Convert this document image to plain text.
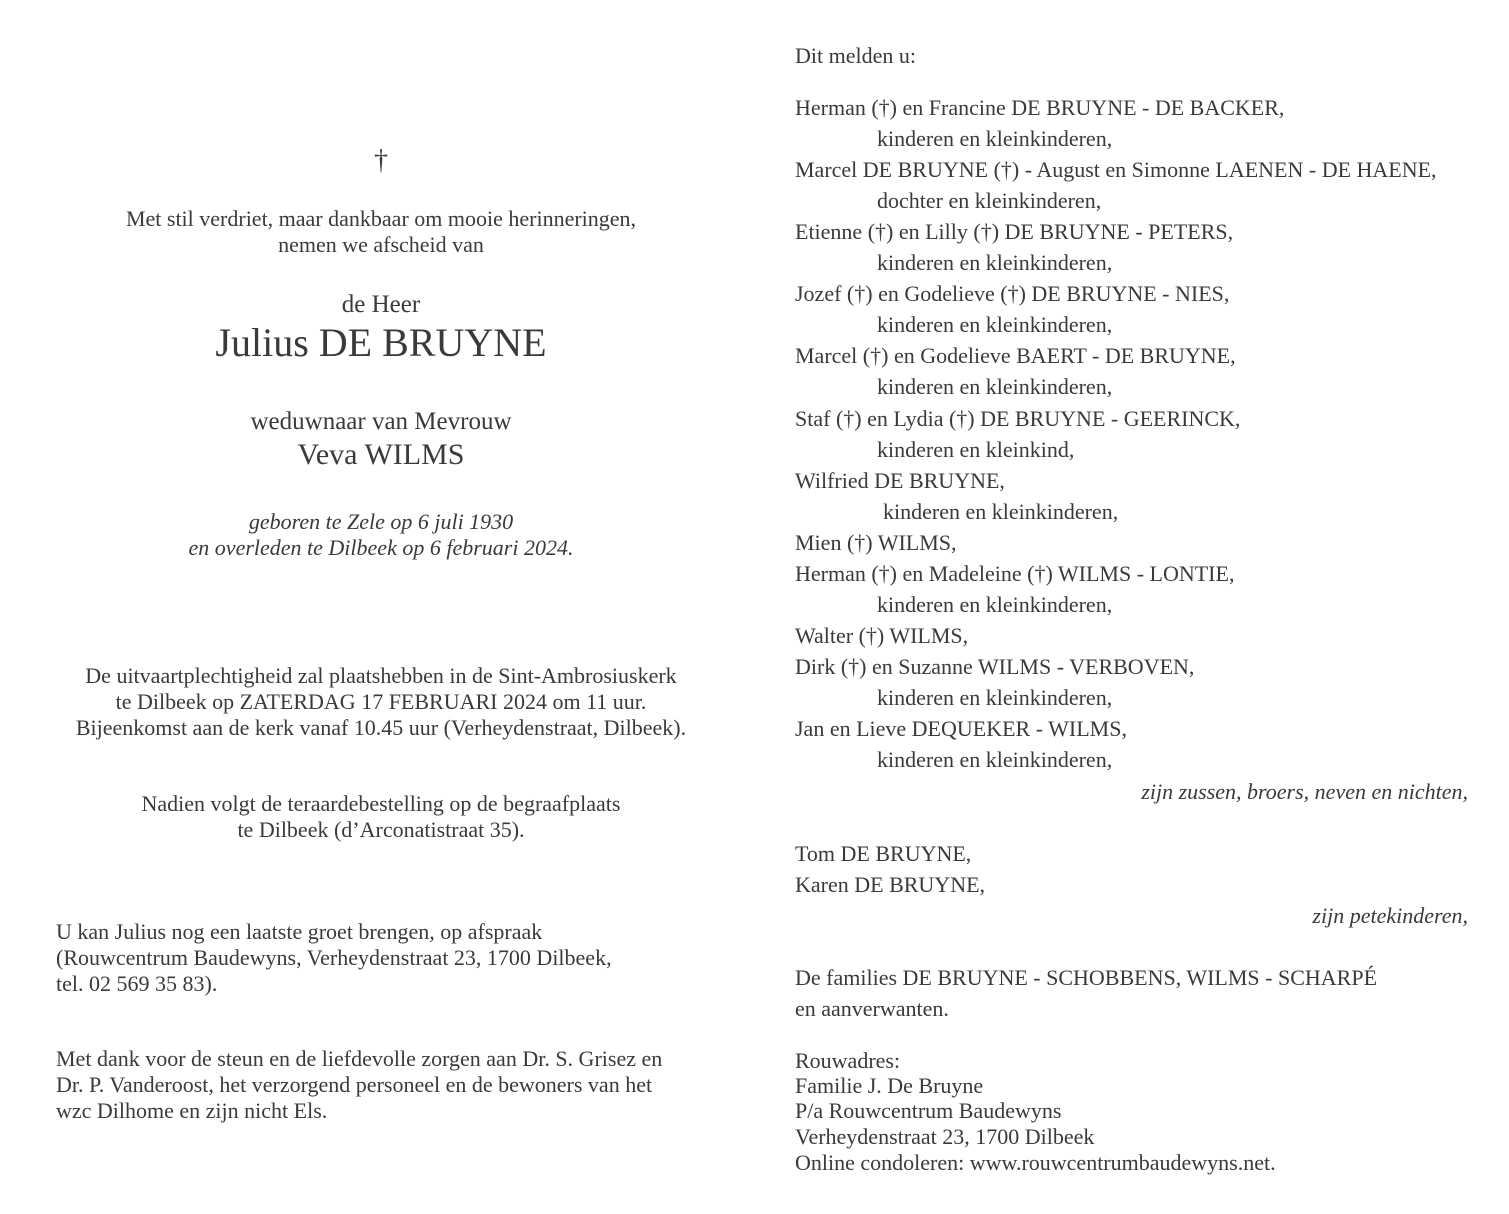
†
Met stil verdriet, maar dankbaar om mooie herinneringen,
nemen we afscheid van
de Heer
Julius DE BRUYNE
weduwnaar van Mevrouw
Veva WILMS
geboren te Zele op 6 juli 1930
en overleden te Dilbeek op 6 februari 2024.
De uitvaartplechtigheid zal plaatshebben in de Sint-Ambrosiuskerk
te Dilbeek op ZATERDAG 17 FEBRUARI 2024 om 11 uur.
Bijeenkomst aan de kerk vanaf 10.45 uur (Verheydenstraat, Dilbeek).
Nadien volgt de teraardebestelling op de begraafplaats
te Dilbeek (d’Arconatistraat 35).
U kan Julius nog een laatste groet brengen, op afspraak
(Rouwcentrum Baudewyns, Verheydenstraat 23, 1700 Dilbeek,
tel. 02 569 35 83).
Met dank voor de steun en de liefdevolle zorgen aan Dr. S. Grisez en
Dr. P. Vanderoost, het verzorgend personeel en de bewoners van het
wzc Dilhome en zijn nicht Els.
Dit melden u:
Herman (†) en Francine DE BRUYNE - DE BACKER,
kinderen en kleinkinderen,
Marcel DE BRUYNE (†) - August en Simonne LAENEN - DE HAENE,
dochter en kleinkinderen,
Etienne (†) en Lilly (†) DE BRUYNE - PETERS,
kinderen en kleinkinderen,
Jozef (†) en Godelieve (†) DE BRUYNE - NIES,
kinderen en kleinkinderen,
Marcel (†) en Godelieve BAERT - DE BRUYNE,
kinderen en kleinkinderen,
Staf (†) en Lydia (†) DE BRUYNE - GEERINCK,
kinderen en kleinkind,
Wilfried DE BRUYNE,
kinderen en kleinkinderen,
Mien (†) WILMS,
Herman (†) en Madeleine (†) WILMS - LONTIE,
kinderen en kleinkinderen,
Walter (†) WILMS,
Dirk (†) en Suzanne WILMS - VERBOVEN,
kinderen en kleinkinderen,
Jan en Lieve DEQUEKER - WILMS,
kinderen en kleinkinderen,
zijn zussen, broers, neven en nichten,
Tom DE BRUYNE,
Karen DE BRUYNE,
zijn petekinderen,
De families DE BRUYNE - SCHOBBENS, WILMS - SCHARPÉ
en aanverwanten.
Rouwadres:
Familie J. De Bruyne
P/a Rouwcentrum Baudewyns
Verheydenstraat 23, 1700 Dilbeek
Online condoleren: www.rouwcentrumbaudewyns.net.
